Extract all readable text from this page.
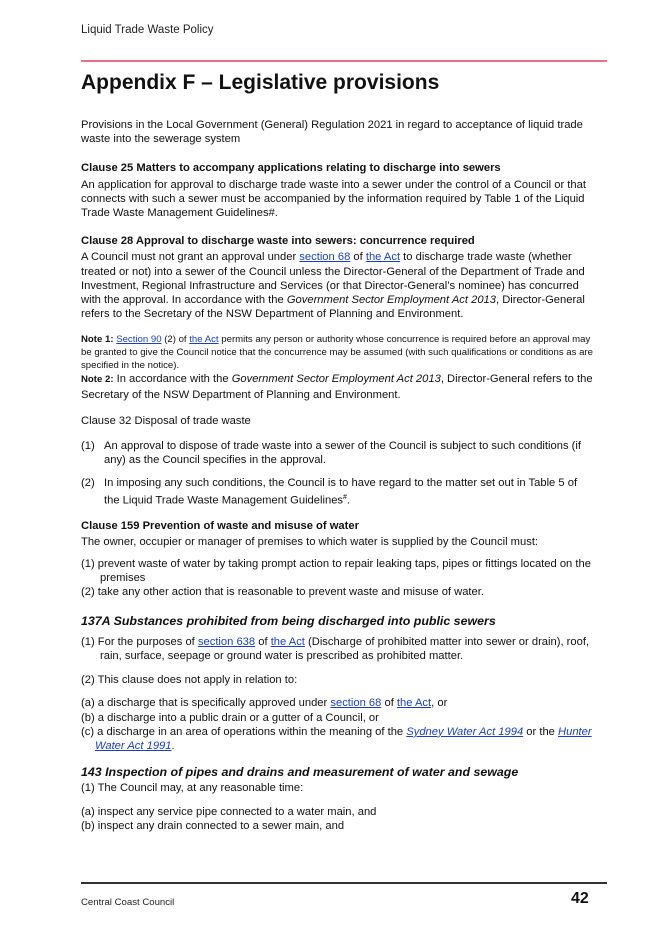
Liquid Trade Waste Policy
Appendix F – Legislative provisions

Provisions in the Local Government (General) Regulation 2021 in regard to acceptance of liquid trade waste into the sewerage system

Clause 25 Matters to accompany applications relating to discharge into sewers

An application for approval to discharge trade waste into a sewer under the control of a Council or that connects with such a sewer must be accompanied by the information required by Table 1 of the Liquid Trade Waste Management Guidelines#.

Clause 28 Approval to discharge waste into sewers: concurrence required

A Council must not grant an approval under section 68 of the Act to discharge trade waste (whether treated or not) into a sewer of the Council unless the Director-General of the Department of Trade and Investment, Regional Infrastructure and Services (or that Director-General’s nominee) has concurred with the approval. In accordance with the Government Sector Employment Act 2013, Director-General refers to the Secretary of the NSW Department of Planning and Environment.

Note 1: Section 90 (2) of the Act permits any person or authority whose concurrence is required before an approval may be granted to give the Council notice that the concurrence may be assumed (with such qualifications or conditions as are specified in the notice).

Note 2: In accordance with the Government Sector Employment Act 2013, Director-General refers to the Secretary of the NSW Department of Planning and Environment.

Clause 32 Disposal of trade waste

(1) An approval to dispose of trade waste into a sewer of the Council is subject to such conditions (if any) as the Council specifies in the approval.
(2) In imposing any such conditions, the Council is to have regard to the matter set out in Table 5 of the Liquid Trade Waste Management Guidelines#.

Clause 159 Prevention of waste and misuse of water

The owner, occupier or manager of premises to which water is supplied by the Council must:

(1) prevent waste of water by taking prompt action to repair leaking taps, pipes or fittings located on the premises

(2) take any other action that is reasonable to prevent waste and misuse of water.

137A Substances prohibited from being discharged into public sewers

(1) For the purposes of section 638 of the Act (Discharge of prohibited matter into sewer or drain), roof, rain, surface, seepage or ground water is prescribed as prohibited matter.

(2) This clause does not apply in relation to:

(a) a discharge that is specifically approved under section 68 of the Act, or

(b) a discharge into a public drain or a gutter of a Council, or

(c) a discharge in an area of operations within the meaning of the Sydney Water Act 1994 or the Hunter Water Act 1991.

143 Inspection of pipes and drains and measurement of water and sewage

(1) The Council may, at any reasonable time:

(a) inspect any service pipe connected to a water main, and

(b) inspect any drain connected to a sewer main, and

Central Coast Council	42
